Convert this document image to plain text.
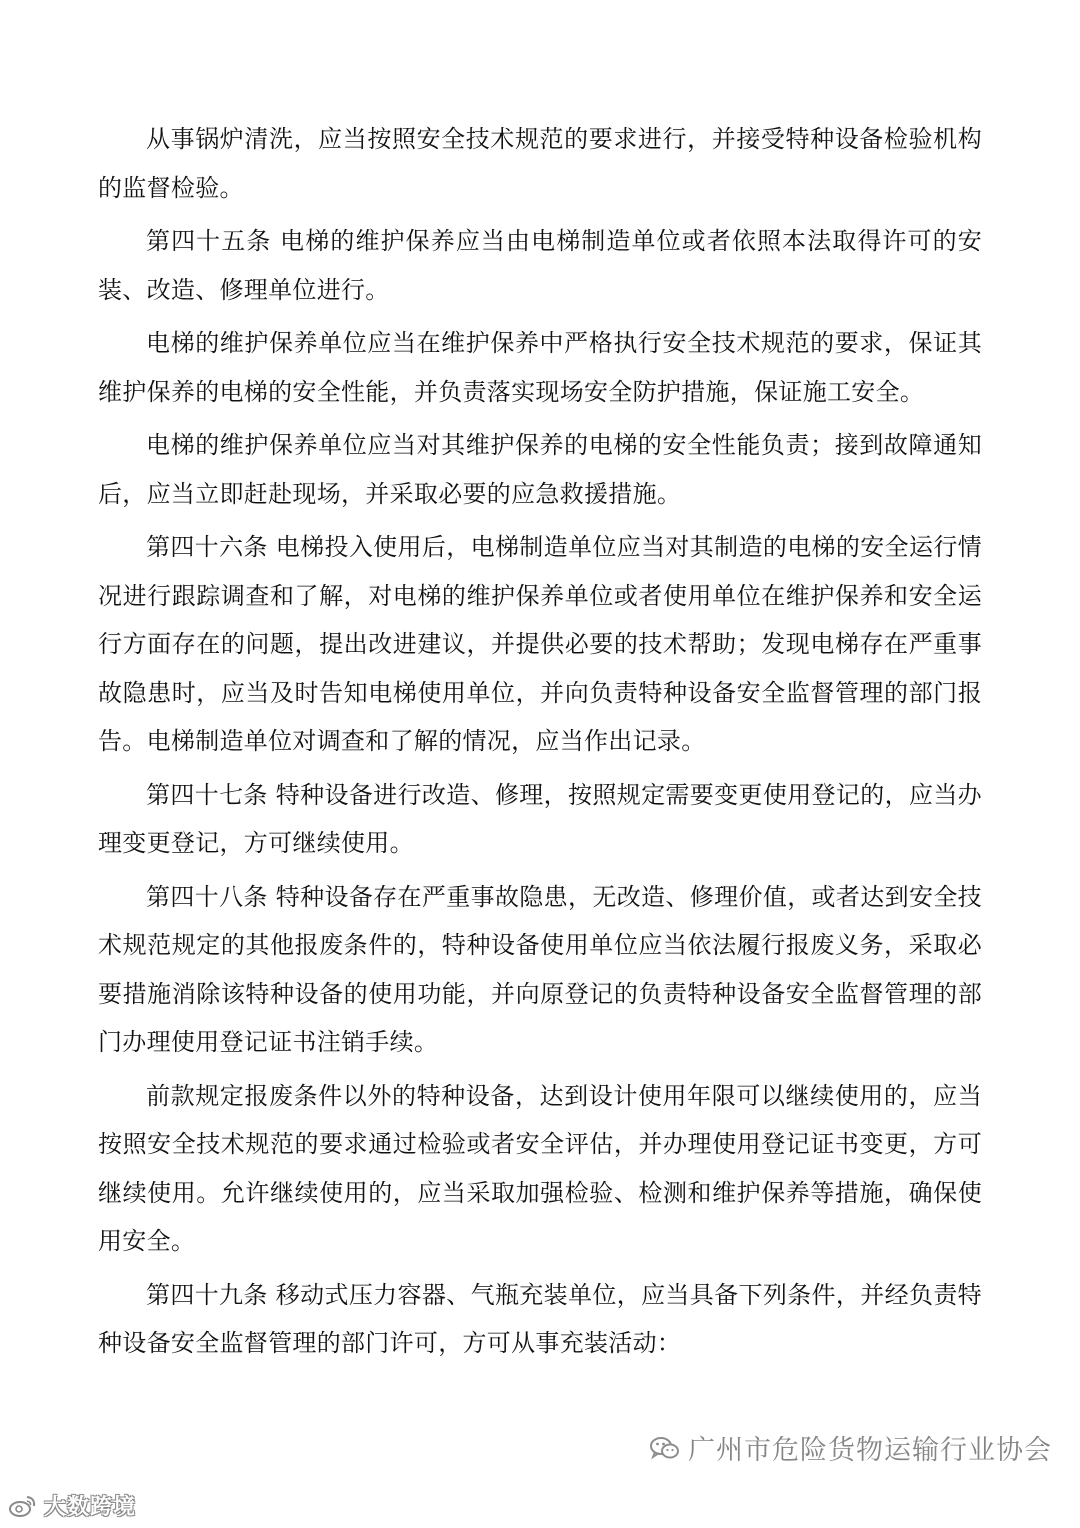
从事锅炉清洗，应当按照安全技术规范的要求进行，并接受特种设备检验机构的监督检验。

第四十五条 电梯的维护保养应当由电梯制造单位或者依照本法取得许可的安装、改造、修理单位进行。

电梯的维护保养单位应当在维护保养中严格执行安全技术规范的要求，保证其维护保养的电梯的安全性能，并负责落实现场安全防护措施，保证施工安全。

电梯的维护保养单位应当对其维护保养的电梯的安全性能负责；接到故障通知后，应当立即赶赴现场，并采取必要的应急救援措施。

第四十六条 电梯投入使用后，电梯制造单位应当对其制造的电梯的安全运行情况进行跟踪调查和了解，对电梯的维护保养单位或者使用单位在维护保养和安全运行方面存在的问题，提出改进建议，并提供必要的技术帮助；发现电梯存在严重事故隐患时，应当及时告知电梯使用单位，并向负责特种设备安全监督管理的部门报告。电梯制造单位对调查和了解的情况，应当作出记录。

第四十七条 特种设备进行改造、修理，按照规定需要变更使用登记的，应当办理变更登记，方可继续使用。

第四十八条 特种设备存在严重事故隐患，无改造、修理价值，或者达到安全技术规范规定的其他报废条件的，特种设备使用单位应当依法履行报废义务，采取必要措施消除该特种设备的使用功能，并向原登记的负责特种设备安全监督管理的部门办理使用登记证书注销手续。

前款规定报废条件以外的特种设备，达到设计使用年限可以继续使用的，应当按照安全技术规范的要求通过检验或者安全评估，并办理使用登记证书变更，方可继续使用。允许继续使用的，应当采取加强检验、检测和维护保养等措施，确保使用安全。

第四十九条 移动式压力容器、气瓶充装单位，应当具备下列条件，并经负责特种设备安全监督管理的部门许可，方可从事充装活动：

广州市危险货物运输行业协会
大数跨境
